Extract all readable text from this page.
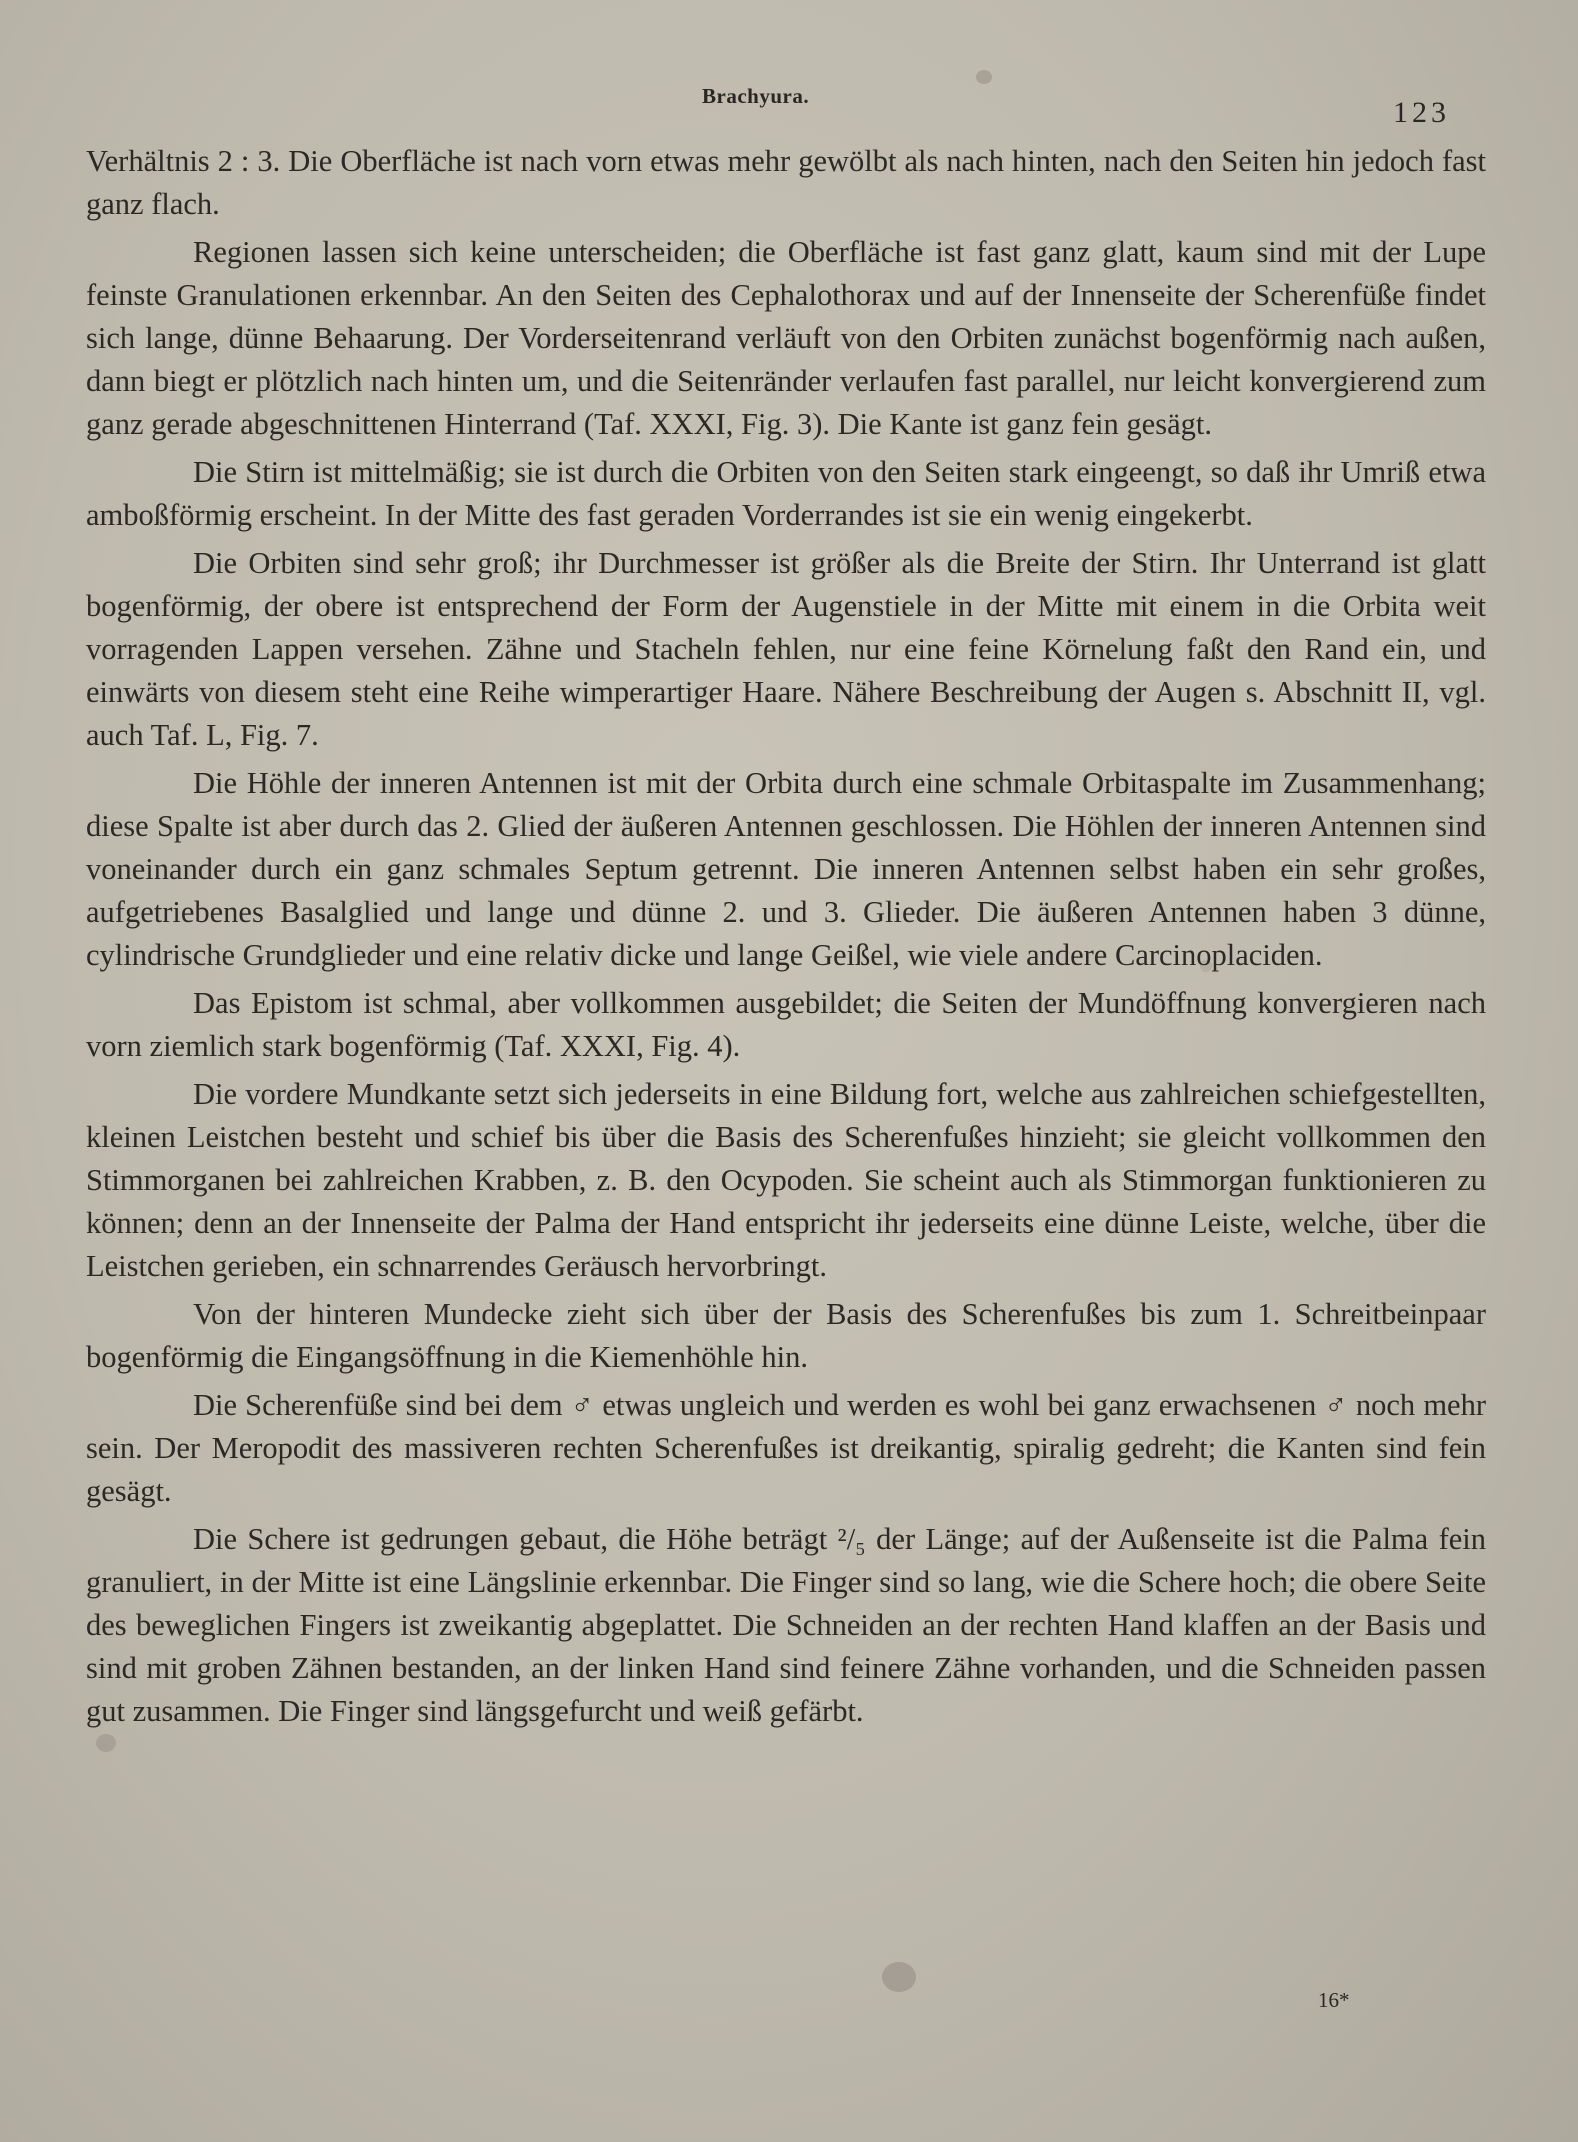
Brachyura.	123

Verhältnis 2 : 3. Die Oberfläche ist nach vorn etwas mehr gewölbt als nach hinten, nach den Seiten hin jedoch fast ganz flach.

Regionen lassen sich keine unterscheiden; die Oberfläche ist fast ganz glatt, kaum sind mit der Lupe feinste Granulationen erkennbar. An den Seiten des Cephalothorax und auf der Innenseite der Scherenfüße findet sich lange, dünne Behaarung. Der Vorderseitenrand verläuft von den Orbiten zunächst bogenförmig nach außen, dann biegt er plötzlich nach hinten um, und die Seitenränder verlaufen fast parallel, nur leicht konvergierend zum ganz gerade abgeschnittenen Hinterrand (Taf. XXXI, Fig. 3). Die Kante ist ganz fein gesägt.

Die Stirn ist mittelmäßig; sie ist durch die Orbiten von den Seiten stark eingeengt, so daß ihr Umriß etwa amboßförmig erscheint. In der Mitte des fast geraden Vorderrandes ist sie ein wenig eingekerbt.

Die Orbiten sind sehr groß; ihr Durchmesser ist größer als die Breite der Stirn. Ihr Unterrand ist glatt bogenförmig, der obere ist entsprechend der Form der Augenstiele in der Mitte mit einem in die Orbita weit vorragenden Lappen versehen. Zähne und Stacheln fehlen, nur eine feine Körnelung faßt den Rand ein, und einwärts von diesem steht eine Reihe wimperartiger Haare. Nähere Beschreibung der Augen s. Abschnitt II, vgl. auch Taf. L, Fig. 7.

Die Höhle der inneren Antennen ist mit der Orbita durch eine schmale Orbitaspalte im Zusammenhang; diese Spalte ist aber durch das 2. Glied der äußeren Antennen geschlossen. Die Höhlen der inneren Antennen sind voneinander durch ein ganz schmales Septum getrennt. Die inneren Antennen selbst haben ein sehr großes, aufgetriebenes Basalglied und lange und dünne 2. und 3. Glieder. Die äußeren Antennen haben 3 dünne, cylindrische Grundglieder und eine relativ dicke und lange Geißel, wie viele andere Carcinoplaciden.

Das Epistom ist schmal, aber vollkommen ausgebildet; die Seiten der Mundöffnung konvergieren nach vorn ziemlich stark bogenförmig (Taf. XXXI, Fig. 4).

Die vordere Mundkante setzt sich jederseits in eine Bildung fort, welche aus zahlreichen schiefgestellten, kleinen Leistchen besteht und schief bis über die Basis des Scherenfußes hinzieht; sie gleicht vollkommen den Stimmorganen bei zahlreichen Krabben, z. B. den Ocypoden. Sie scheint auch als Stimmorgan funktionieren zu können; denn an der Innenseite der Palma der Hand entspricht ihr jederseits eine dünne Leiste, welche, über die Leistchen gerieben, ein schnarrendes Geräusch hervorbringt.

Von der hinteren Mundecke zieht sich über der Basis des Scherenfußes bis zum 1. Schreitbeinpaar bogenförmig die Eingangsöffnung in die Kiemenhöhle hin.

Die Scherenfüße sind bei dem ♂ etwas ungleich und werden es wohl bei ganz erwachsenen ♂ noch mehr sein. Der Meropodit des massiveren rechten Scherenfußes ist dreikantig, spiralig gedreht; die Kanten sind fein gesägt.

Die Schere ist gedrungen gebaut, die Höhe beträgt ²/₅ der Länge; auf der Außenseite ist die Palma fein granuliert, in der Mitte ist eine Längslinie erkennbar. Die Finger sind so lang, wie die Schere hoch; die obere Seite des beweglichen Fingers ist zweikantig abgeplattet. Die Schneiden an der rechten Hand klaffen an der Basis und sind mit groben Zähnen bestanden, an der linken Hand sind feinere Zähne vorhanden, und die Schneiden passen gut zusammen. Die Finger sind längsgefurcht und weiß gefärbt.

16*
